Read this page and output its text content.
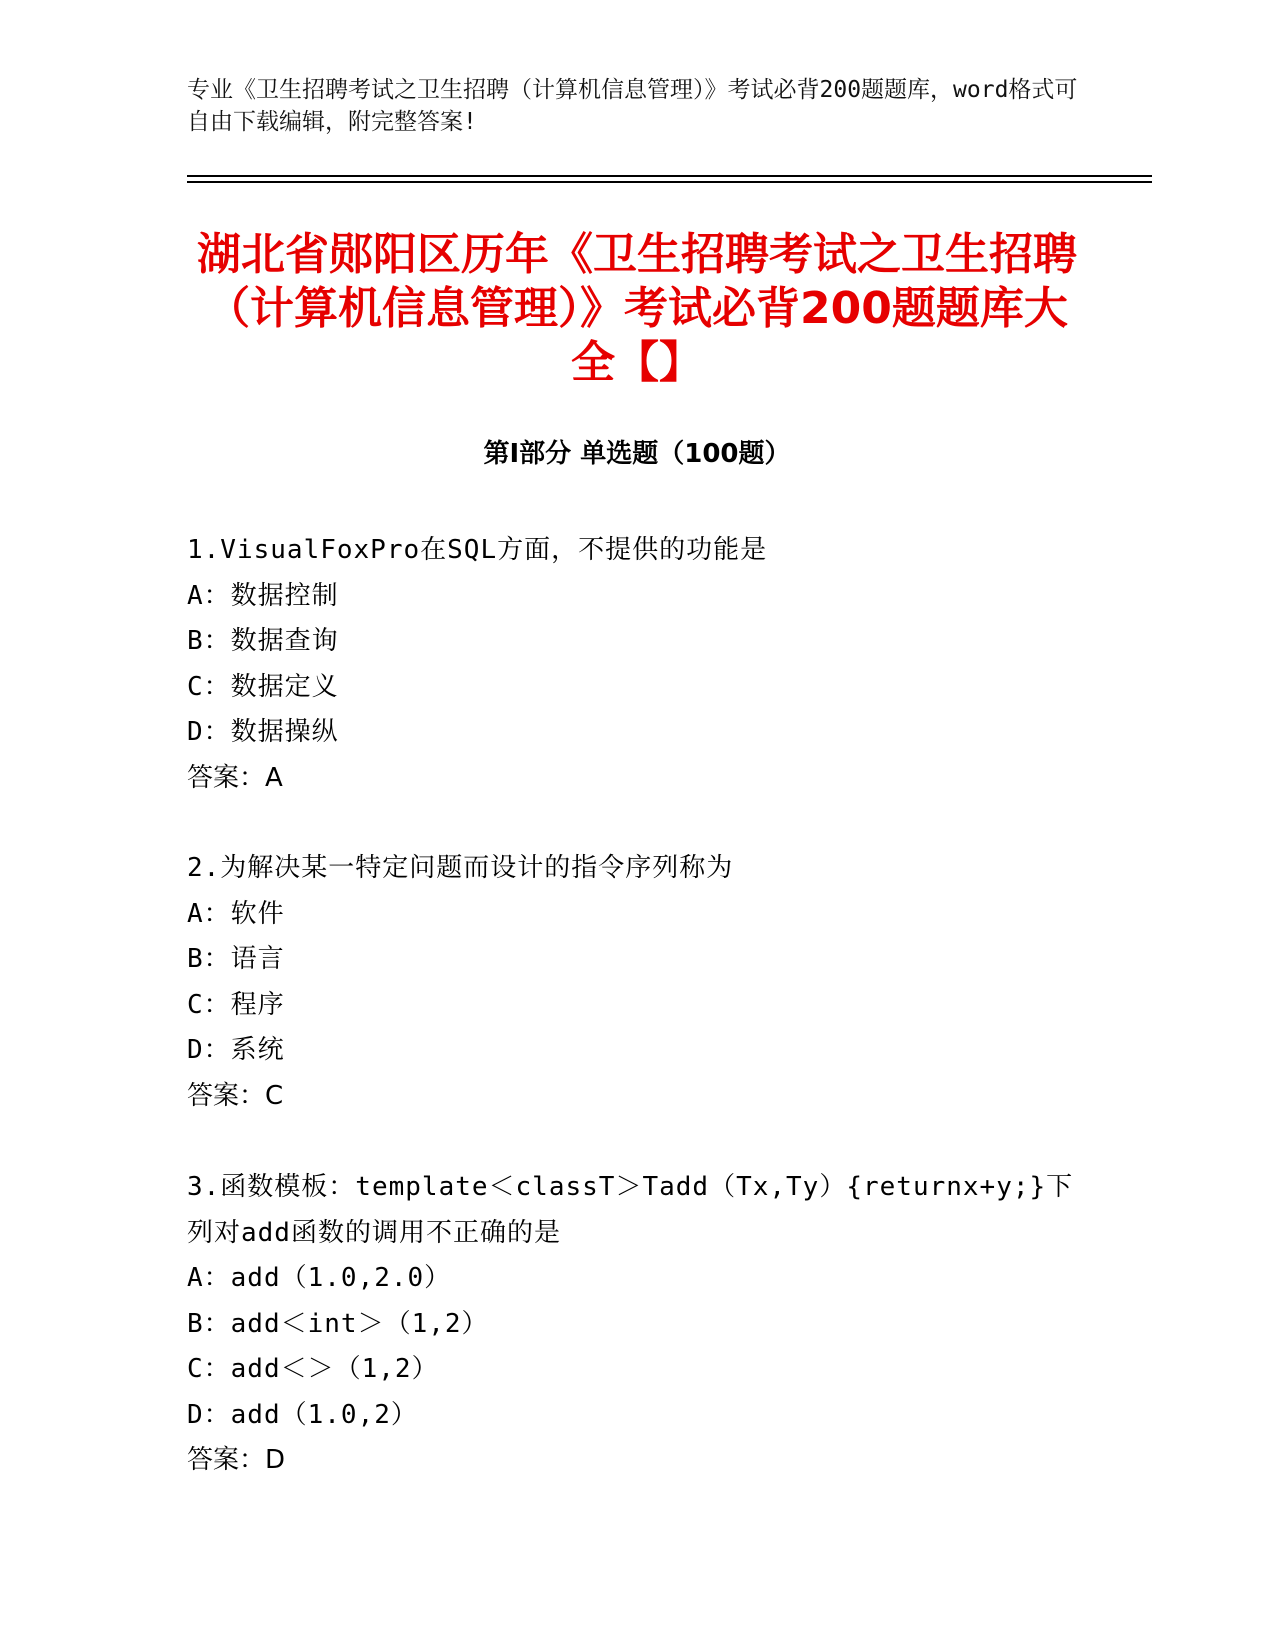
专业《卫生招聘考试之卫生招聘（计算机信息管理）》考试必背200题题库，word格式可自由下载编辑，附完整答案!
湖北省郧阳区历年《卫生招聘考试之卫生招聘（计算机信息管理）》考试必背200题题库大全【】
第Ⅰ部分 单选题（100题）
1.VisualFoxPro在SQL方面，不提供的功能是
A：数据控制
B：数据查询
C：数据定义
D：数据操纵
答案：A
2.为解决某一特定问题而设计的指令序列称为
A：软件
B：语言
C：程序
D：系统
答案：C
3.函数模板：template＜classT＞Tadd（Tx,Ty）{returnx+y;}下列对add函数的调用不正确的是
A：add（1.0,2.0）
B：add＜int＞（1,2）
C：add＜＞（1,2）
D：add（1.0,2）
答案：D
